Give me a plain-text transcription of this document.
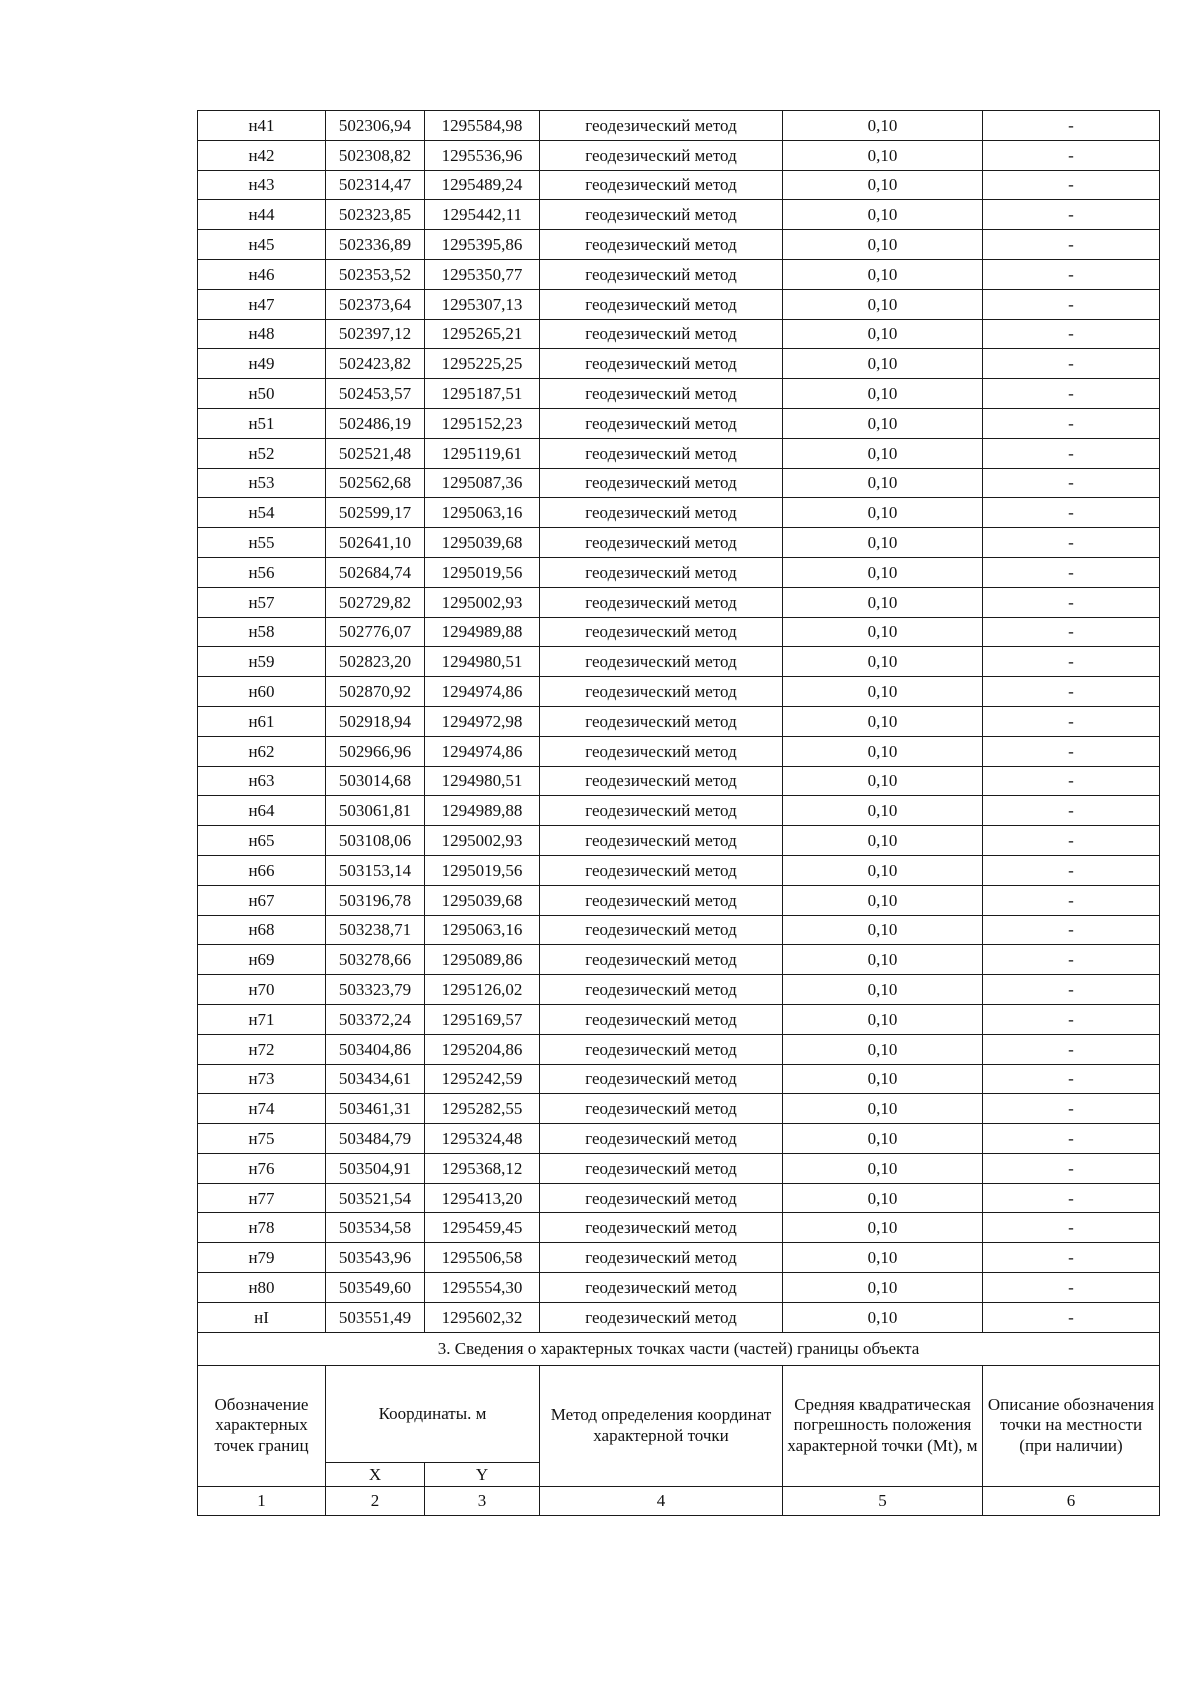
н41	502306,94	1295584,98	геодезический метод	0,10	-
н42	502308,82	1295536,96	геодезический метод	0,10	-
н43	502314,47	1295489,24	геодезический метод	0,10	-
н44	502323,85	1295442,11	геодезический метод	0,10	-
н45	502336,89	1295395,86	геодезический метод	0,10	-
н46	502353,52	1295350,77	геодезический метод	0,10	-
н47	502373,64	1295307,13	геодезический метод	0,10	-
н48	502397,12	1295265,21	геодезический метод	0,10	-
н49	502423,82	1295225,25	геодезический метод	0,10	-
н50	502453,57	1295187,51	геодезический метод	0,10	-
н51	502486,19	1295152,23	геодезический метод	0,10	-
н52	502521,48	1295119,61	геодезический метод	0,10	-
н53	502562,68	1295087,36	геодезический метод	0,10	-
н54	502599,17	1295063,16	геодезический метод	0,10	-
н55	502641,10	1295039,68	геодезический метод	0,10	-
н56	502684,74	1295019,56	геодезический метод	0,10	-
н57	502729,82	1295002,93	геодезический метод	0,10	-
н58	502776,07	1294989,88	геодезический метод	0,10	-
н59	502823,20	1294980,51	геодезический метод	0,10	-
н60	502870,92	1294974,86	геодезический метод	0,10	-
н61	502918,94	1294972,98	геодезический метод	0,10	-
н62	502966,96	1294974,86	геодезический метод	0,10	-
н63	503014,68	1294980,51	геодезический метод	0,10	-
н64	503061,81	1294989,88	геодезический метод	0,10	-
н65	503108,06	1295002,93	геодезический метод	0,10	-
н66	503153,14	1295019,56	геодезический метод	0,10	-
н67	503196,78	1295039,68	геодезический метод	0,10	-
н68	503238,71	1295063,16	геодезический метод	0,10	-
н69	503278,66	1295089,86	геодезический метод	0,10	-
н70	503323,79	1295126,02	геодезический метод	0,10	-
н71	503372,24	1295169,57	геодезический метод	0,10	-
н72	503404,86	1295204,86	геодезический метод	0,10	-
н73	503434,61	1295242,59	геодезический метод	0,10	-
н74	503461,31	1295282,55	геодезический метод	0,10	-
н75	503484,79	1295324,48	геодезический метод	0,10	-
н76	503504,91	1295368,12	геодезический метод	0,10	-
н77	503521,54	1295413,20	геодезический метод	0,10	-
н78	503534,58	1295459,45	геодезический метод	0,10	-
н79	503543,96	1295506,58	геодезический метод	0,10	-
н80	503549,60	1295554,30	геодезический метод	0,10	-
нI	503551,49	1295602,32	геодезический метод	0,10	-
3. Сведения о характерных точках части (частей) границы объекта					
Обозначение характерных точек границ	Координаты. м		Метод определения координат характерной точки	Средняя квадратическая погрешность положения характерной точки (Mt), м	Описание обозначения точки на местности (при наличии)
	X	Y			
1	2	3	4	5	6
